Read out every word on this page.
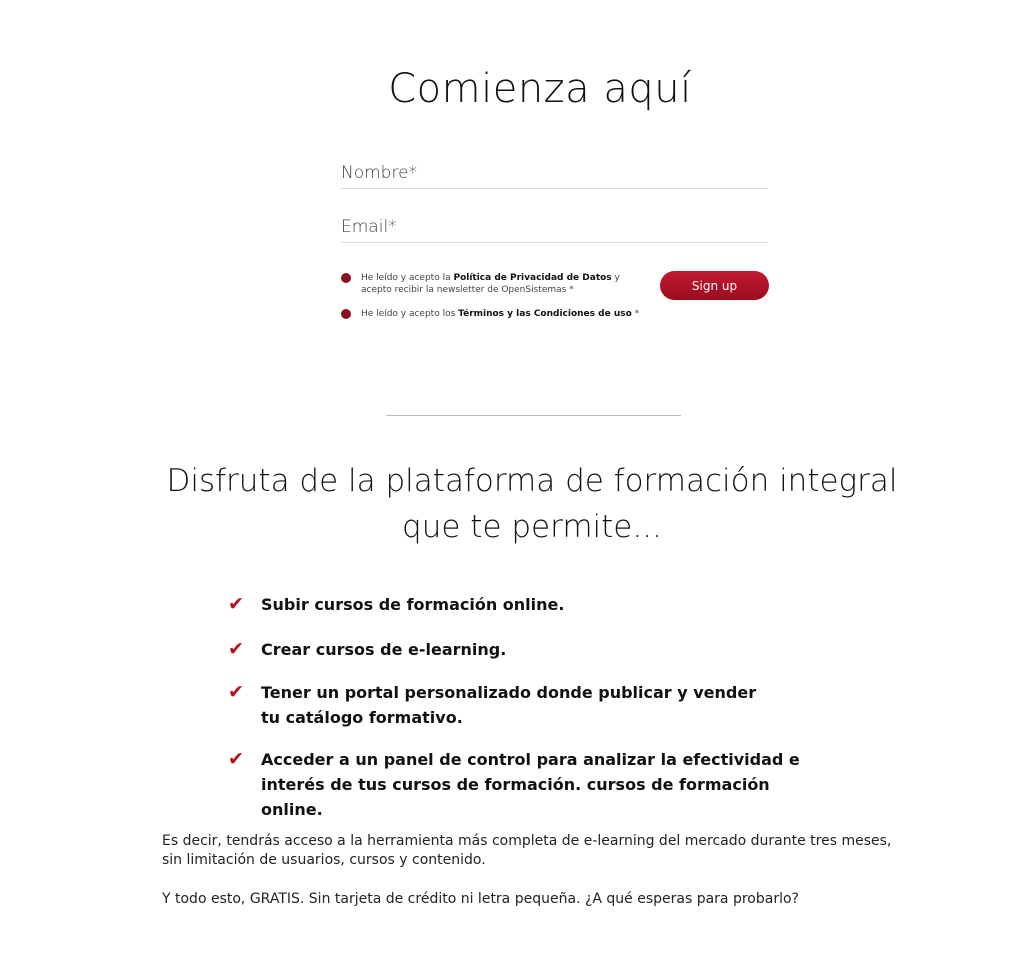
Comienza aquí
Nombre*
Email*
He leído y acepto la Política de Privacidad de Datos y acepto recibir la newsletter de OpenSistemas *
He leído y acepto los Términos y las Condiciones de uso *
Sign up
Disfruta de la plataforma de formación integral
que te permite...
✔	Subir cursos de formación online.
✔	Crear cursos de e-learning.
✔	Tener un portal personalizado donde publicar y vender tu catálogo formativo.
✔	Acceder a un panel de control para analizar la efectividad e interés de tus cursos de formación. cursos de formación online.

Es decir, tendrás acceso a la herramienta más completa de e-learning del mercado durante tres meses, sin limitación de usuarios, cursos y contenido.

Y todo esto, GRATIS. Sin tarjeta de crédito ni letra pequeña. ¿A qué esperas para probarlo?
